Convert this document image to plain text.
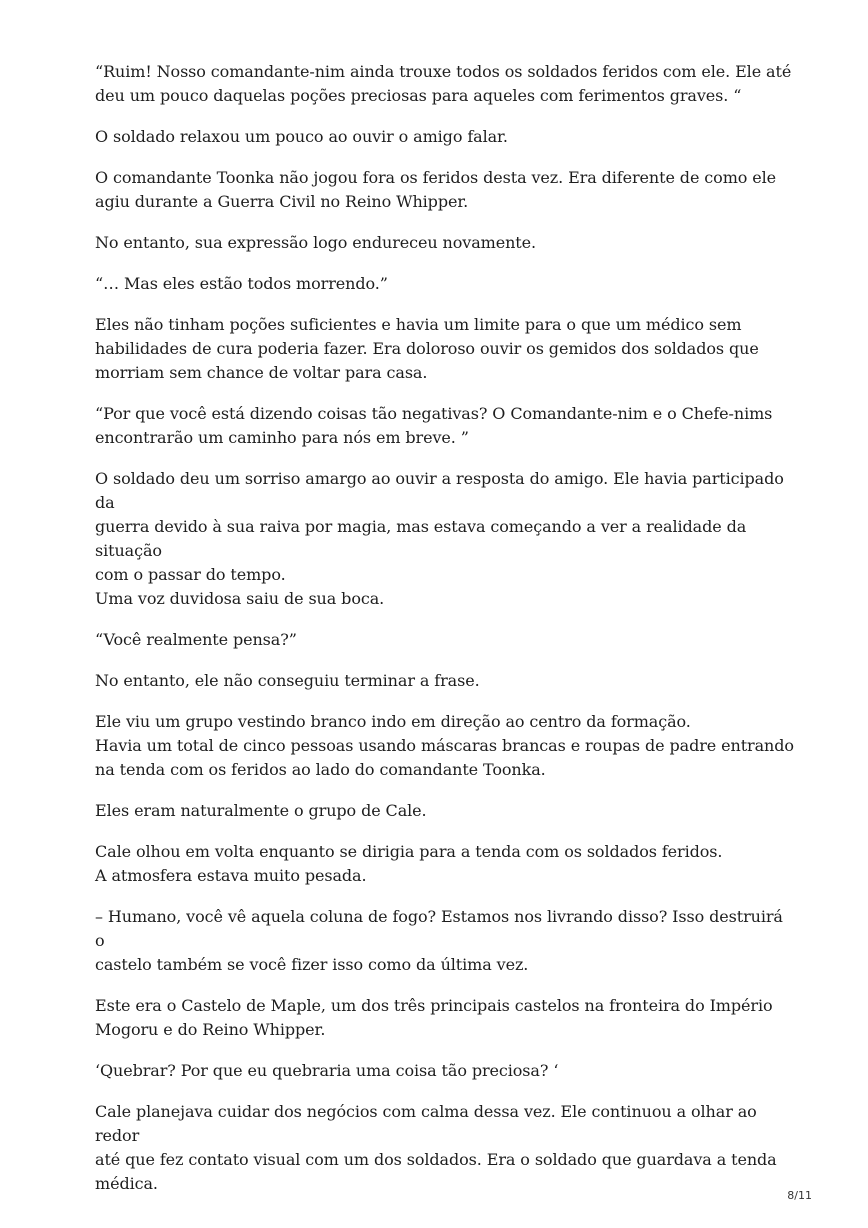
“Ruim! Nosso comandante-nim ainda trouxe todos os soldados feridos com ele. Ele até
deu um pouco daquelas poções preciosas para aqueles com ferimentos graves. “

O soldado relaxou um pouco ao ouvir o amigo falar.

O comandante Toonka não jogou fora os feridos desta vez. Era diferente de como ele
agiu durante a Guerra Civil no Reino Whipper.

No entanto, sua expressão logo endureceu novamente.

“… Mas eles estão todos morrendo.”

Eles não tinham poções suficientes e havia um limite para o que um médico sem
habilidades de cura poderia fazer. Era doloroso ouvir os gemidos dos soldados que
morriam sem chance de voltar para casa.

“Por que você está dizendo coisas tão negativas? O Comandante-nim e o Chefe-nims
encontrarão um caminho para nós em breve. ”

O soldado deu um sorriso amargo ao ouvir a resposta do amigo. Ele havia participado da
guerra devido à sua raiva por magia, mas estava começando a ver a realidade da situação
com o passar do tempo.
Uma voz duvidosa saiu de sua boca.

“Você realmente pensa?”

No entanto, ele não conseguiu terminar a frase.

Ele viu um grupo vestindo branco indo em direção ao centro da formação.
Havia um total de cinco pessoas usando máscaras brancas e roupas de padre entrando
na tenda com os feridos ao lado do comandante Toonka.

Eles eram naturalmente o grupo de Cale.

Cale olhou em volta enquanto se dirigia para a tenda com os soldados feridos.
A atmosfera estava muito pesada.

– Humano, você vê aquela coluna de fogo? Estamos nos livrando disso? Isso destruirá o
castelo também se você fizer isso como da última vez.

Este era o Castelo de Maple, um dos três principais castelos na fronteira do Império
Mogoru e do Reino Whipper.

‘Quebrar? Por que eu quebraria uma coisa tão preciosa? ‘

Cale planejava cuidar dos negócios com calma dessa vez. Ele continuou a olhar ao redor
até que fez contato visual com um dos soldados. Era o soldado que guardava a tenda
médica.

8/11
